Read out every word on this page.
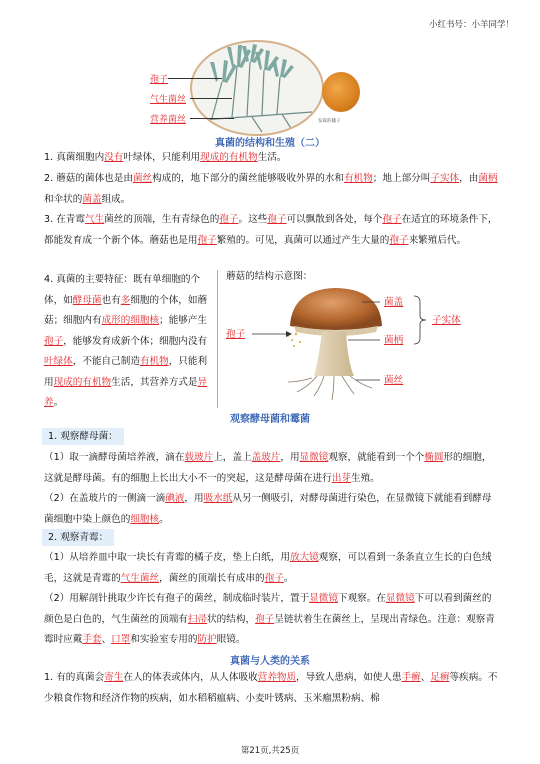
小红书号：小羊同学！
孢子
气生菌丝
营养菌丝	发霉的橘子
真菌的结构和生殖（二）
1. 真菌细胞内没有叶绿体，只能利用现成的有机物生活。
2. 蘑菇的菌体也是由菌丝构成的，地下部分的菌丝能够吸收外界的水和有机物；地上部分叫子实体，由菌柄和伞状的菌盖组成。
3. 在青霉气生菌丝的顶端，生有青绿色的孢子。这些孢子可以飘散到各处，每个孢子在适宜的环境条件下，都能发育成一个新个体。蘑菇也是用孢子繁殖的。可见，真菌可以通过产生大量的孢子来繁殖后代。
4. 真菌的主要特征：既有单细胞的个体，如酵母菌也有多细胞的个体，如蘑菇；细胞内有成形的细胞核；能够产生孢子，能够发育成新个体；细胞内没有叶绿体，不能自己制造有机物，只能利用现成的有机物生活，其营养方式是异养。
蘑菇的结构示意图：
菌盖
菌柄
菌丝
孢子
子实体
观察酵母菌和霉菌
1. 观察酵母菌：
（1）取一滴酵母菌培养液，滴在载玻片上，盖上盖玻片，用显微镜观察，就能看到一个个椭圆形的细胞，这就是酵母菌。有的细胞上长出大小不一的突起，这是酵母菌在进行出芽生殖。
（2）在盖玻片的一侧滴一滴碘液，用吸水纸从另一侧吸引，对酵母菌进行染色，在显微镜下就能看到酵母菌细胞中染上颜色的细胞核。
2. 观察青霉：
（1）从培养皿中取一块长有青霉的橘子皮，垫上白纸，用放大镜观察，可以看到一条条直立生长的白色绒毛，这就是青霉的气生菌丝，菌丝的顶端长有成串的孢子。
（2）用解剖针挑取少许长有孢子的菌丝，制成临时装片，置于显微镜下观察。在显微镜下可以看到菌丝的颜色是白色的，气生菌丝的顶端有扫帚状的结构，孢子呈链状着生在菌丝上，呈现出青绿色。注意：观察青霉时应戴手套、口罩和实验室专用的防护眼镜。
真菌与人类的关系
1. 有的真菌会寄生在人的体表或体内，从人体吸收营养物质，导致人患病，如使人患手癣、足癣等疾病。不少粮食作物和经济作物的疾病，如水稻稻瘟病、小麦叶锈病、玉米瘤黑粉病、棉
第21页,共25页
